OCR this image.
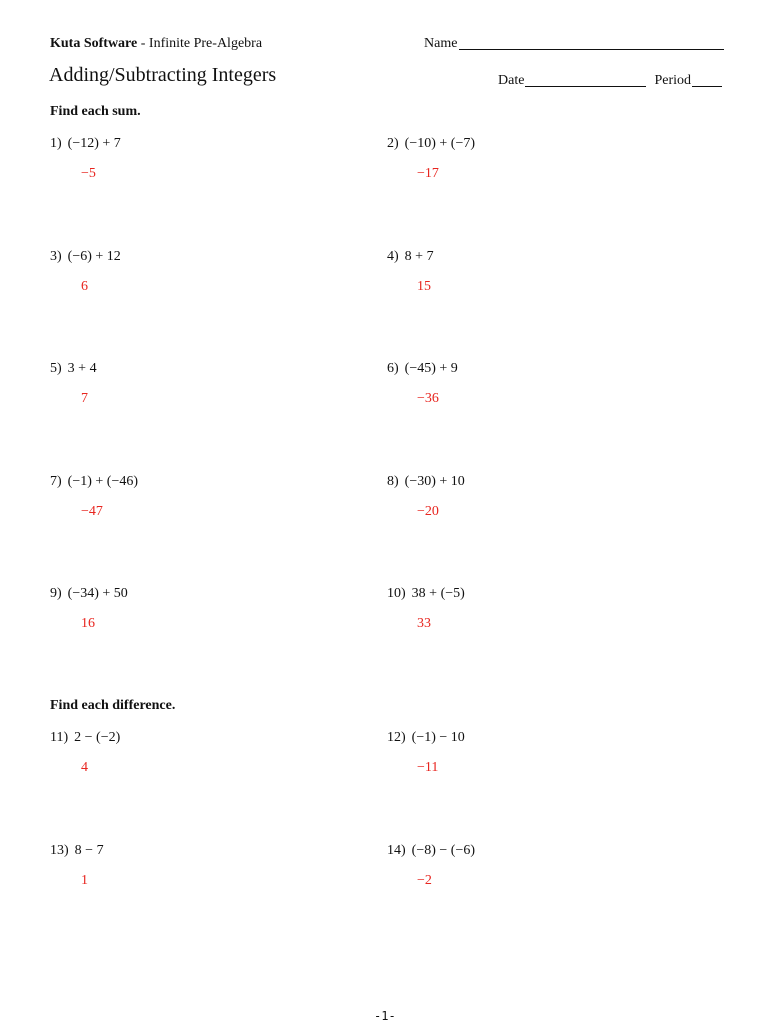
Kuta Software - Infinite Pre-Algebra	Name
Adding/Subtracting Integers	Date	Period
Find each sum.
Find each difference.
1) (−12) + 7
−5
2) (−10) + (−7)
−17
3) (−6) + 12
6
4) 8 + 7
15
5) 3 + 4
7
6) (−45) + 9
−36
7) (−1) + (−46)
−47
8) (−30) + 10
−20
9) (−34) + 50
16
10) 38 + (−5)
33
11) 2 − (−2)
4
12) (−1) − 10
−11
13) 8 − 7
1
14) (−8) − (−6)
−2
-1-
